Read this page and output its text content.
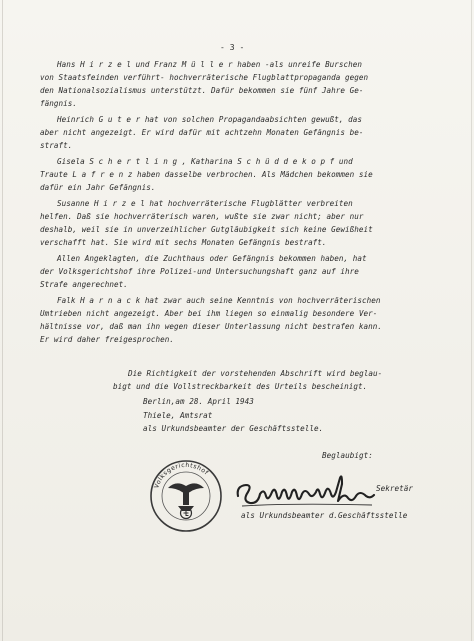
- 3 -
Hans H i r z e l und Franz M ü l l e r haben -als unreife Burschen
von Staatsfeinden verführt- hochverräterische Flugblattpropaganda gegen
den Nationalsozialismus unterstützt. Dafür bekommen sie fünf Jahre Ge-
fängnis.
Heinrich G u t e r hat von solchen Propagandaabsichten gewußt, das
aber nicht angezeigt. Er wird dafür mit achtzehn Monaten Gefängnis be-
straft.
Gisela S c h e r t l i n g , Katharina S c h ü d d e k o p f und
Traute L a f r e n z haben dasselbe verbrochen. Als Mädchen bekommen sie
dafür ein Jahr Gefängnis.
Susanne H i r z e l hat hochverräterische Flugblätter verbreiten
helfen. Daß sie hochverräterisch waren, wußte sie zwar nicht; aber nur
deshalb, weil sie in unverzeihlicher Gutgläubigkeit sich keine Gewißheit
verschafft hat. Sie wird mit sechs Monaten Gefängnis bestraft.
Allen Angeklagten, die Zuchthaus oder Gefängnis bekommen haben, hat
der Volksgerichtshof ihre Polizei-und Untersuchungshaft ganz auf ihre
Strafe angerechnet.
Falk H a r n a c k hat zwar auch seine Kenntnis von hochverräterischen
Umtrieben nicht angezeigt. Aber bei ihm liegen so einmalig besondere Ver-
hältnisse vor, daß man ihn wegen dieser Unterlassung nicht bestrafen kann.
Er wird daher freigesprochen.
Die Richtigkeit der vorstehenden Abschrift wird beglau-
bigt und die Vollstreckbarkeit des Urteils bescheinigt.
Berlin,am 28. April 1943
Thiele, Amtsrat
als Urkundsbeamter der Geschäftsstelle.
Beglaubigt:
Volksgerichtshof
Sekretär
als Urkundsbeamter d.Geschäftsstelle
